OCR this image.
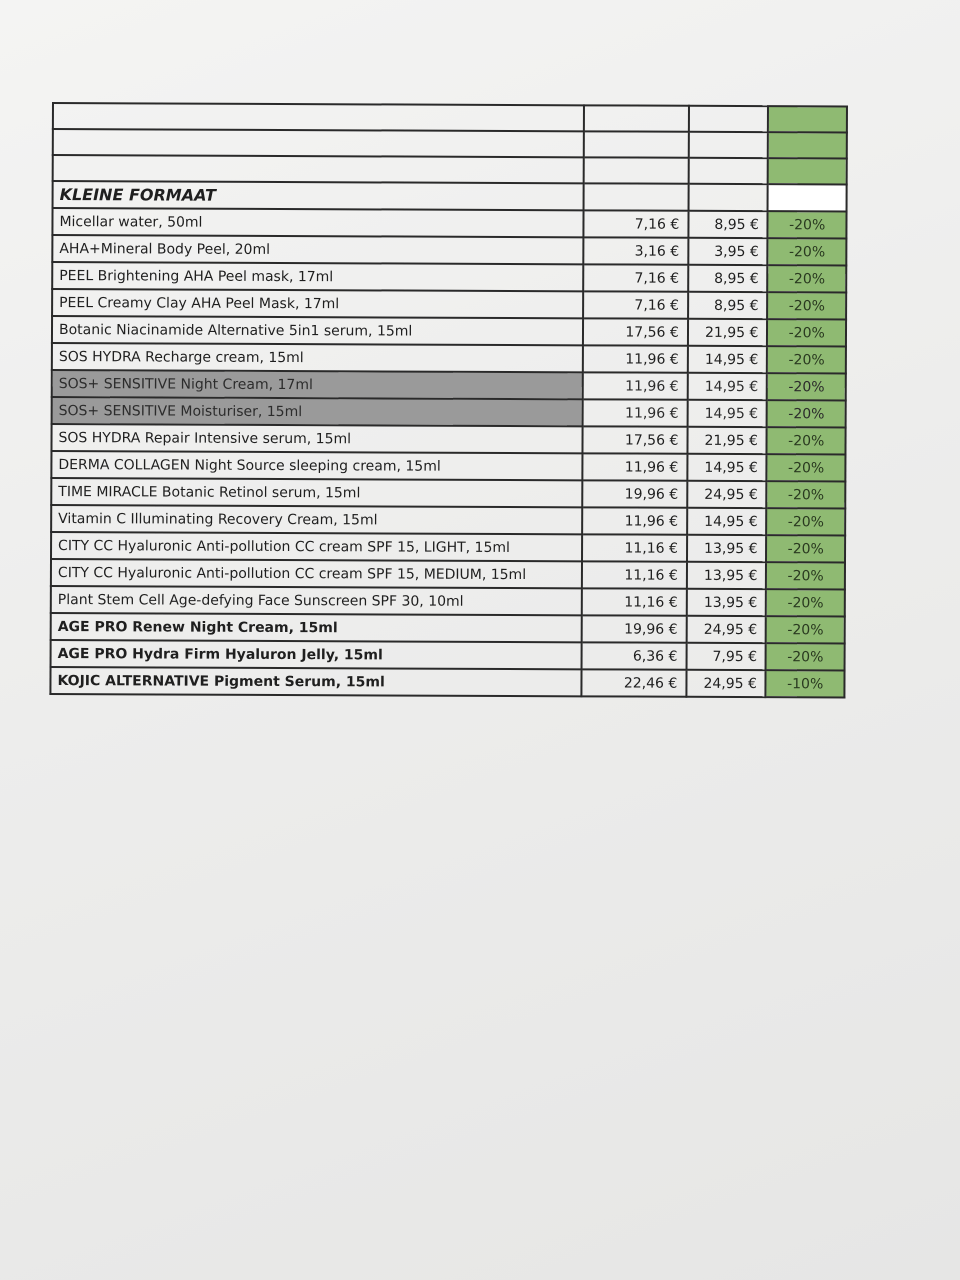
KLEINE FORMAAT			
Micellar water, 50ml	7,16 €	8,95 €	-20%
AHA+Mineral Body Peel, 20ml	3,16 €	3,95 €	-20%
PEEL Brightening AHA Peel mask, 17ml	7,16 €	8,95 €	-20%
PEEL Creamy Clay AHA Peel Mask, 17ml	7,16 €	8,95 €	-20%
Botanic Niacinamide Alternative 5in1 serum, 15ml	17,56 €	21,95 €	-20%
SOS HYDRA Recharge cream, 15ml	11,96 €	14,95 €	-20%
SOS+ SENSITIVE Night Cream, 17ml	11,96 €	14,95 €	-20%
SOS+ SENSITIVE Moisturiser, 15ml	11,96 €	14,95 €	-20%
SOS HYDRA Repair Intensive serum, 15ml	17,56 €	21,95 €	-20%
DERMA COLLAGEN Night Source sleeping cream, 15ml	11,96 €	14,95 €	-20%
TIME MIRACLE Botanic Retinol serum, 15ml	19,96 €	24,95 €	-20%
Vitamin C Illuminating Recovery Cream, 15ml	11,96 €	14,95 €	-20%
CITY CC Hyaluronic Anti-pollution CC cream SPF 15, LIGHT, 15ml	11,16 €	13,95 €	-20%
CITY CC Hyaluronic Anti-pollution CC cream SPF 15, MEDIUM, 15ml	11,16 €	13,95 €	-20%
Plant Stem Cell Age-defying Face Sunscreen SPF 30, 10ml	11,16 €	13,95 €	-20%
AGE PRO Renew Night Cream, 15ml	19,96 €	24,95 €	-20%
AGE PRO Hydra Firm Hyaluron Jelly, 15ml	6,36 €	7,95 €	-20%
KOJIC ALTERNATIVE Pigment Serum, 15ml	22,46 €	24,95 €	-10%
